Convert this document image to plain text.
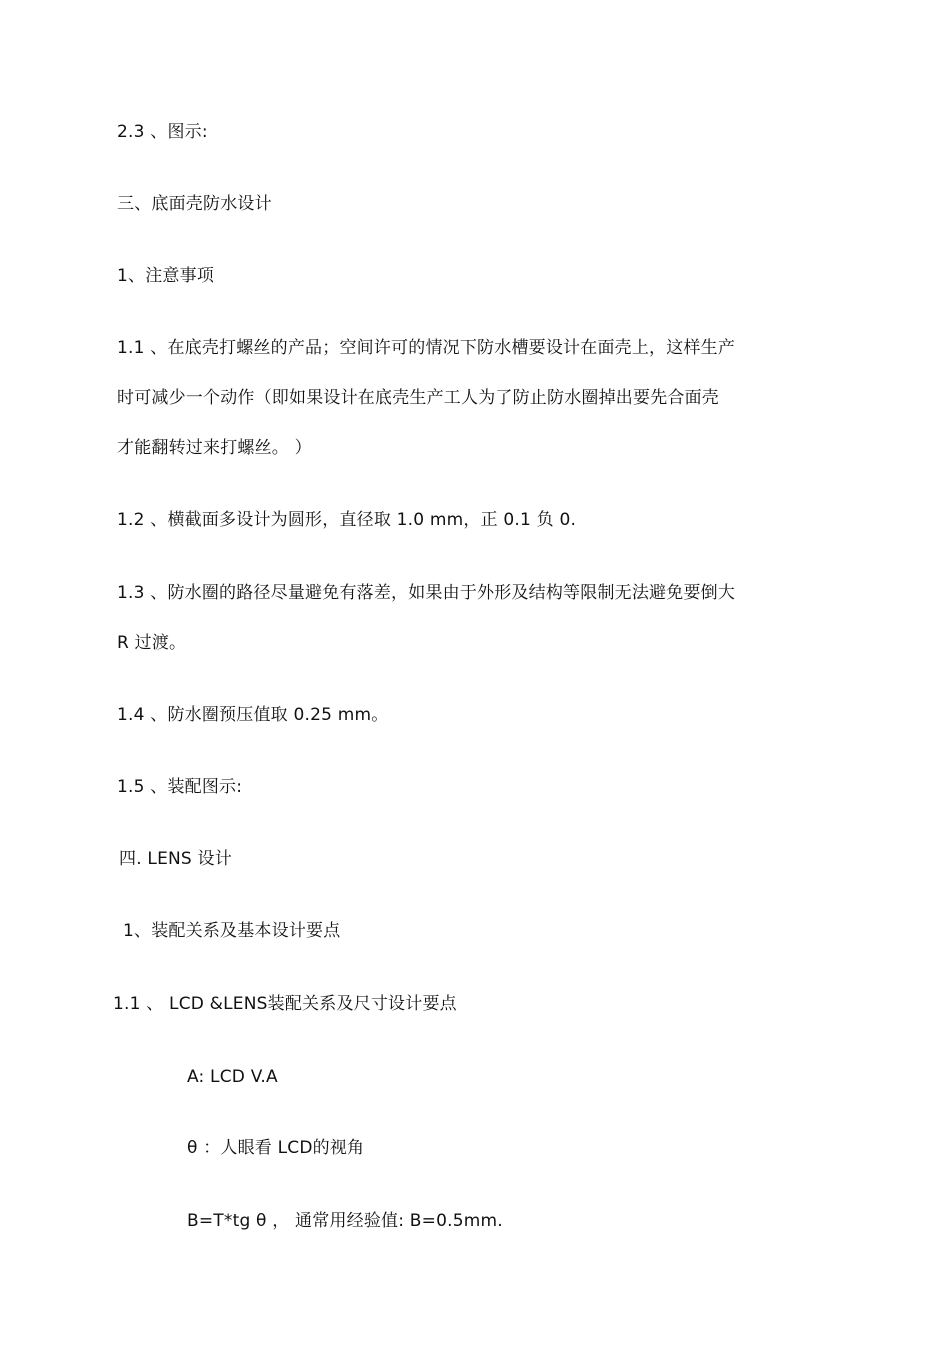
2.3 、图示:
三、底面壳防水设计
1、注意事项
1.1 、在底壳打螺丝的产品；空间许可的情况下防水槽要设计在面壳上，这样生产
时可减少一个动作（即如果设计在底壳生产工人为了防止防水圈掉出要先合面壳
才能翻转过来打螺丝。 ）
1.2 、横截面多设计为圆形，直径取 1.0 mm，正 0.1 负 0.
1.3 、防水圈的路径尽量避免有落差，如果由于外形及结构等限制无法避免要倒大
R 过渡。
1.4 、防水圈预压值取 0.25 mm。
1.5 、装配图示:
四. LENS 设计
1、装配关系及基本设计要点
1.1 、 LCD &LENS装配关系及尺寸设计要点
A: LCD V.A
θ ：人眼看 LCD的视角
B=T*tg θ ， 通常用经验值: B=0.5mm.
